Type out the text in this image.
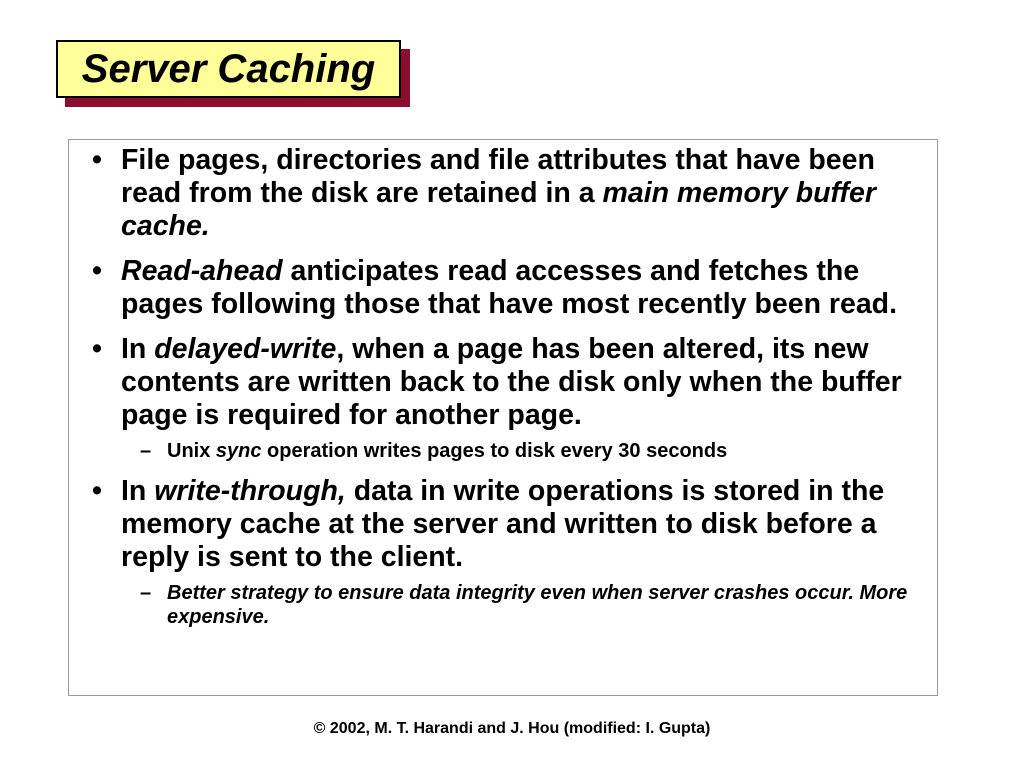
Server Caching
• File pages, directories and file attributes that have been read from the disk are retained in a main memory buffer cache.
• Read-ahead anticipates read accesses and fetches the pages following those that have most recently been read.
• In delayed-write, when a page has been altered, its new contents are written back to the disk only when the buffer page is required for another page.
– Unix sync operation writes pages to disk every 30 seconds
• In write-through, data in write operations is stored in the memory cache at the server and written to disk before a reply is sent to the client.
– Better strategy to ensure data integrity even when server crashes occur. More expensive.
© 2002, M. T. Harandi and J. Hou (modified: I. Gupta)
